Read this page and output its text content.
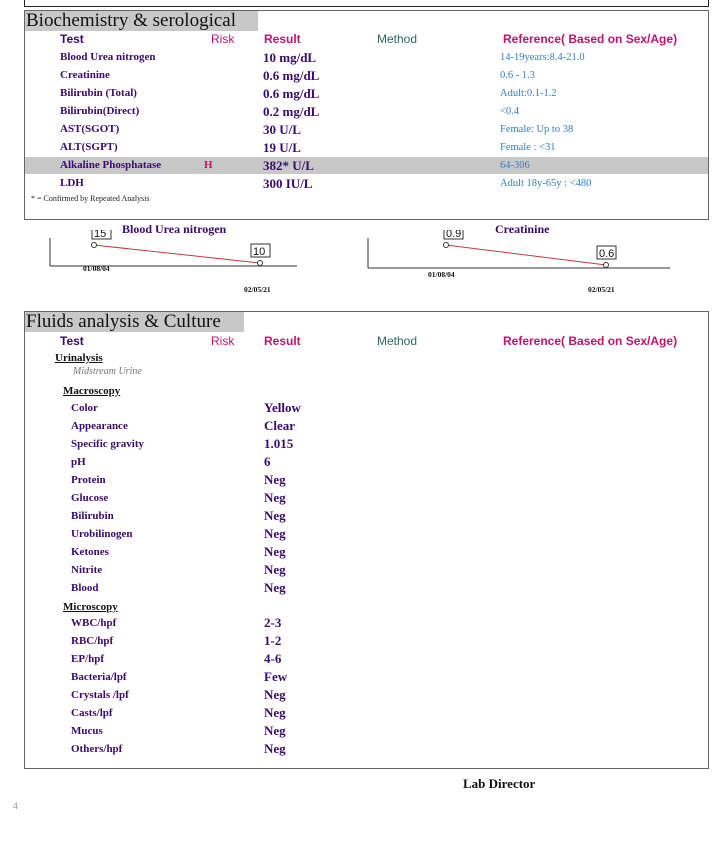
Biochemistry & serological
Test	Risk Result	Method	Reference( Based on Sex/Age)
Blood Urea nitrogen	10 mg/dL	14-19years:8.4-21.0
Creatinine	0.6 mg/dL	0.6 - 1.3
Bilirubin (Total)	0.6 mg/dL	Adult:0.1-1.2
Bilirubin(Direct)	0.2 mg/dL	<0.4
AST(SGOT)	30 U/L	Female: Up to 38
ALT(SGPT)	19 U/L	Female : <31
Alkaline Phosphatase	H	382* U/L	64-306
LDH	300 IU/L	Adult 18y-65y : <480
* = Confirmed by Repeated Analysis
Blood Urea nitrogen	Creatinine
15
10
0.9
0.6
01/08/04
02/05/21
01/08/04
02/05/21
Fluids analysis & Culture
Test	Risk Result	Method	Reference( Based on Sex/Age)
Urinalysis
Midstream Urine
Macroscopy
Color	Yellow
Appearance	Clear
Specific gravity	1.015
pH	6
Protein	Neg
Glucose	Neg
Bilirubin	Neg
Urobilinogen	Neg
Ketones	Neg
Nitrite	Neg
Blood	Neg
Microscopy
WBC/hpf	2-3
RBC/hpf	1-2
EP/hpf	4-6
Bacteria/lpf	Few
Crystals /lpf	Neg
Casts/lpf	Neg
Mucus	Neg
Others/hpf	Neg
Lab Director
4
